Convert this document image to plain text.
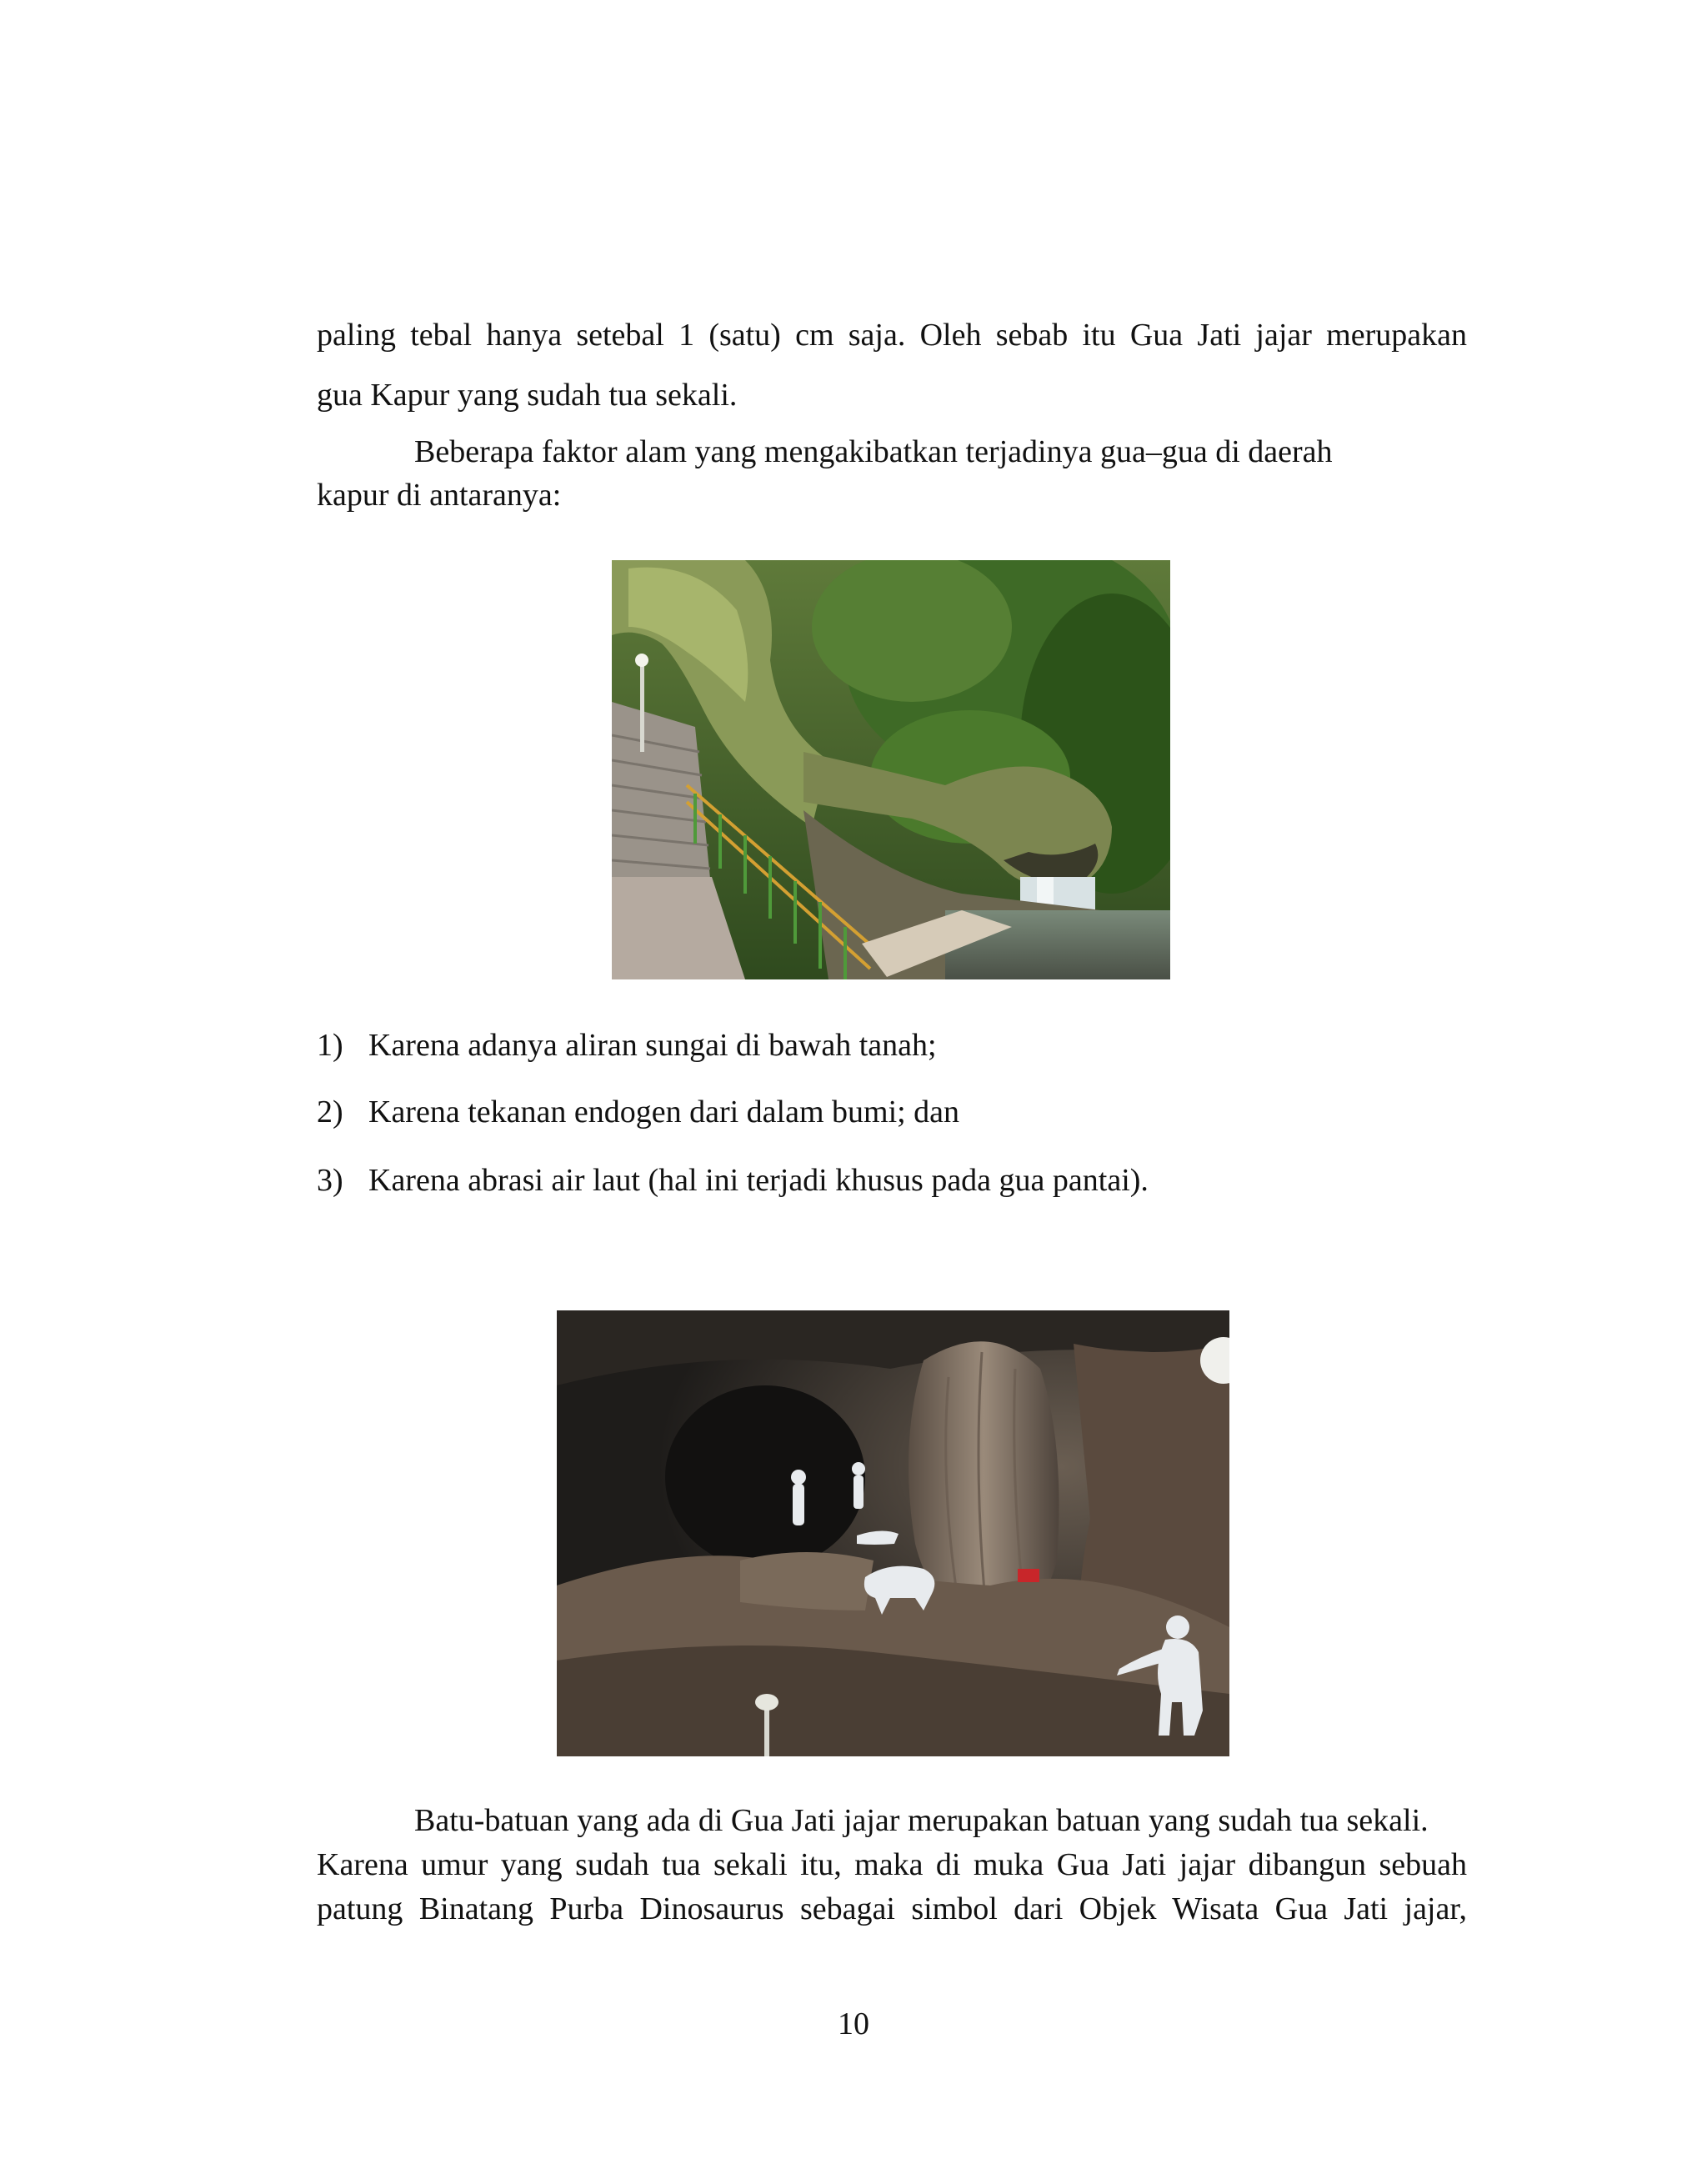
paling tebal hanya setebal 1 (satu) cm saja. Oleh sebab itu Gua Jati jajar merupakan
gua Kapur yang sudah tua sekali.
Beberapa faktor alam yang mengakibatkan terjadinya gua–gua di daerah
kapur di antaranya:
1) Karena adanya aliran sungai di bawah tanah;
2) Karena tekanan endogen dari dalam bumi; dan
3) Karena abrasi air laut (hal ini terjadi khusus pada gua pantai).
Batu-batuan yang ada di Gua Jati jajar merupakan batuan yang sudah tua sekali.
Karena umur yang sudah tua sekali itu, maka di muka Gua Jati jajar dibangun sebuah
patung Binatang Purba Dinosaurus sebagai simbol dari Objek Wisata Gua Jati jajar,
10
